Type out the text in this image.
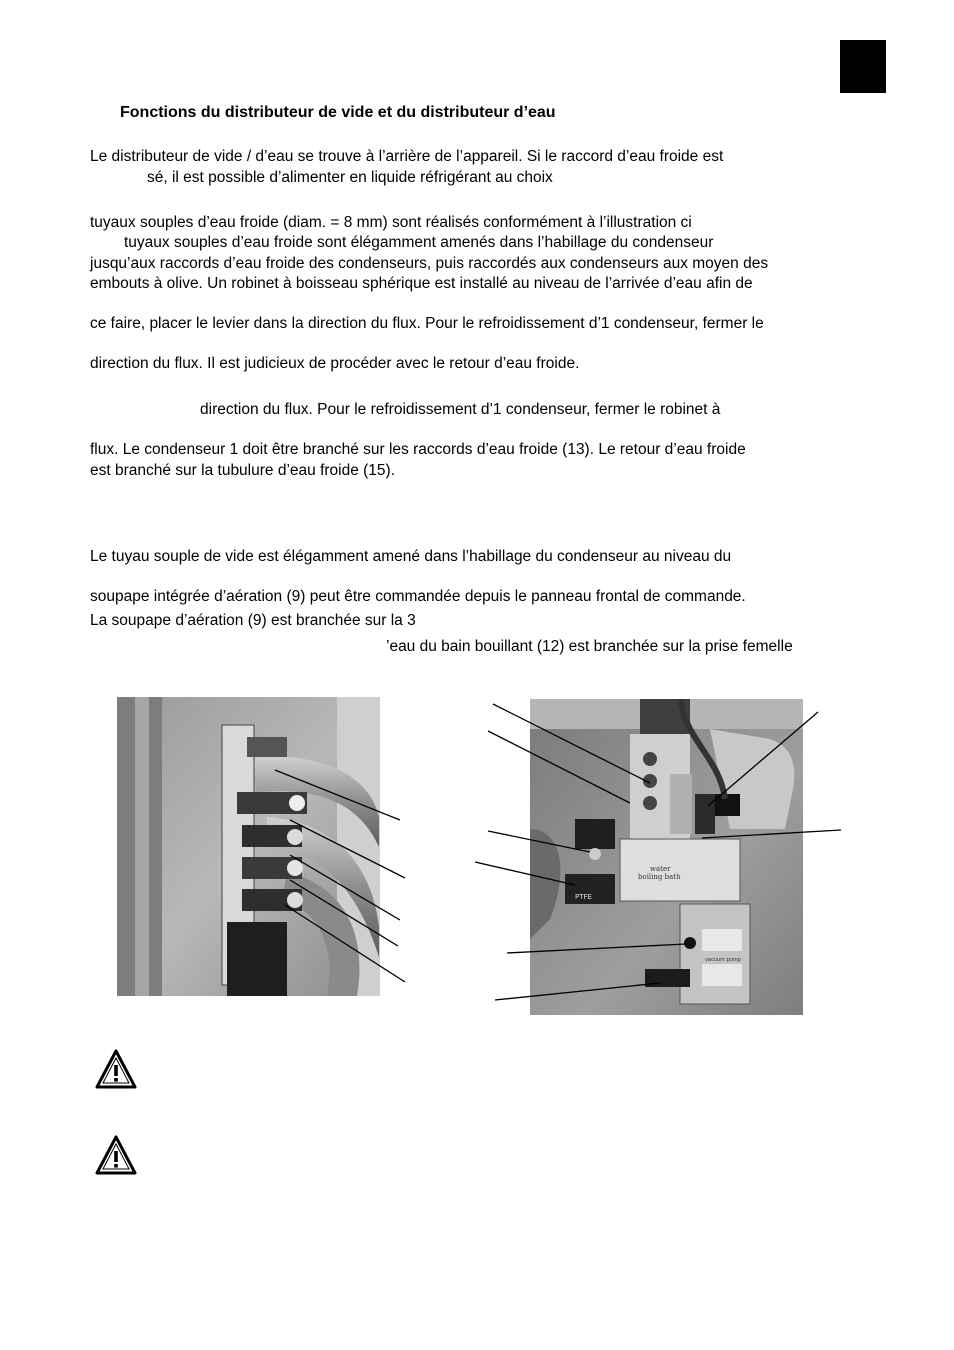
Fonctions du distributeur de vide et du distributeur d’eau
Le distributeur de vide / d’eau se trouve à l’arrière de l’appareil. Si le raccord d’eau froide est
sé, il est possible d’alimenter en liquide réfrigérant au choix
tuyaux souples d’eau froide (diam. = 8 mm) sont réalisés conformément à l’illustration ci
tuyaux souples d’eau froide sont élégamment amenés dans l’habillage du condenseur
jusqu’aux raccords d’eau froide des condenseurs, puis raccordés aux condenseurs aux moyen des
embouts à olive. Un robinet à boisseau sphérique est installé au niveau de l’arrivée d’eau afin de
ce faire, placer le levier dans la direction du flux. Pour le refroidissement d’1 condenseur, fermer le
direction du flux. Il est judicieux de procéder avec le retour d’eau froide.
direction du flux. Pour le refroidissement d’1 condenseur, fermer le robinet à
flux. Le condenseur 1 doit être branché sur les raccords d’eau froide (13). Le retour d’eau froide
est branché sur la tubulure d’eau froide (15).
Le tuyau souple de vide est élégamment amené dans l’habillage du condenseur au niveau du
soupape intégrée d’aération (9) peut être commandée depuis le panneau frontal de commande.
La soupape d’aération (9) est branchée sur la 3
’eau du bain bouillant (12) est branchée sur la prise femelle
water
boiling bath
PTFE
vacuum pump
